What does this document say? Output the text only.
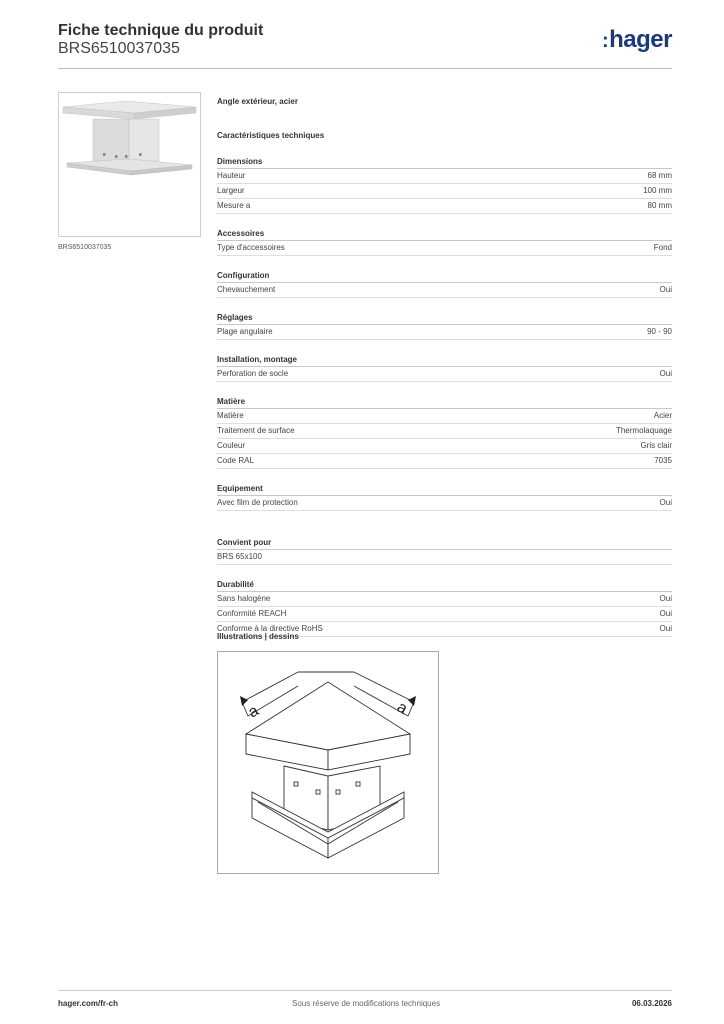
Fiche technique du produit
BRS6510037035	:hager
BRS6510037035
Angle extérieur, acier
Caractéristiques techniques
Dimensions
Hauteur	68 mm
Largeur	100 mm
Mesure a	80 mm
Accessoires
Type d'accessoires	Fond
Configuration
Chevauchement	Oui
Réglages
Plage angulaire	90 - 90
Installation, montage
Perforation de socle	Oui
Matière
Matière	Acier
Traitement de surface	Thermolaquage
Couleur	Gris clair
Code RAL	7035
Equipement
Avec film de protection	Oui
Convient pour
BRS 65x100
Durabilité
Sans halogène	Oui
Conformité REACH	Oui
Conforme à la directive RoHS	Oui
Illustrations | dessins
a	a
hager.com/fr-ch	Sous réserve de modifications techniques	06.03.2026
